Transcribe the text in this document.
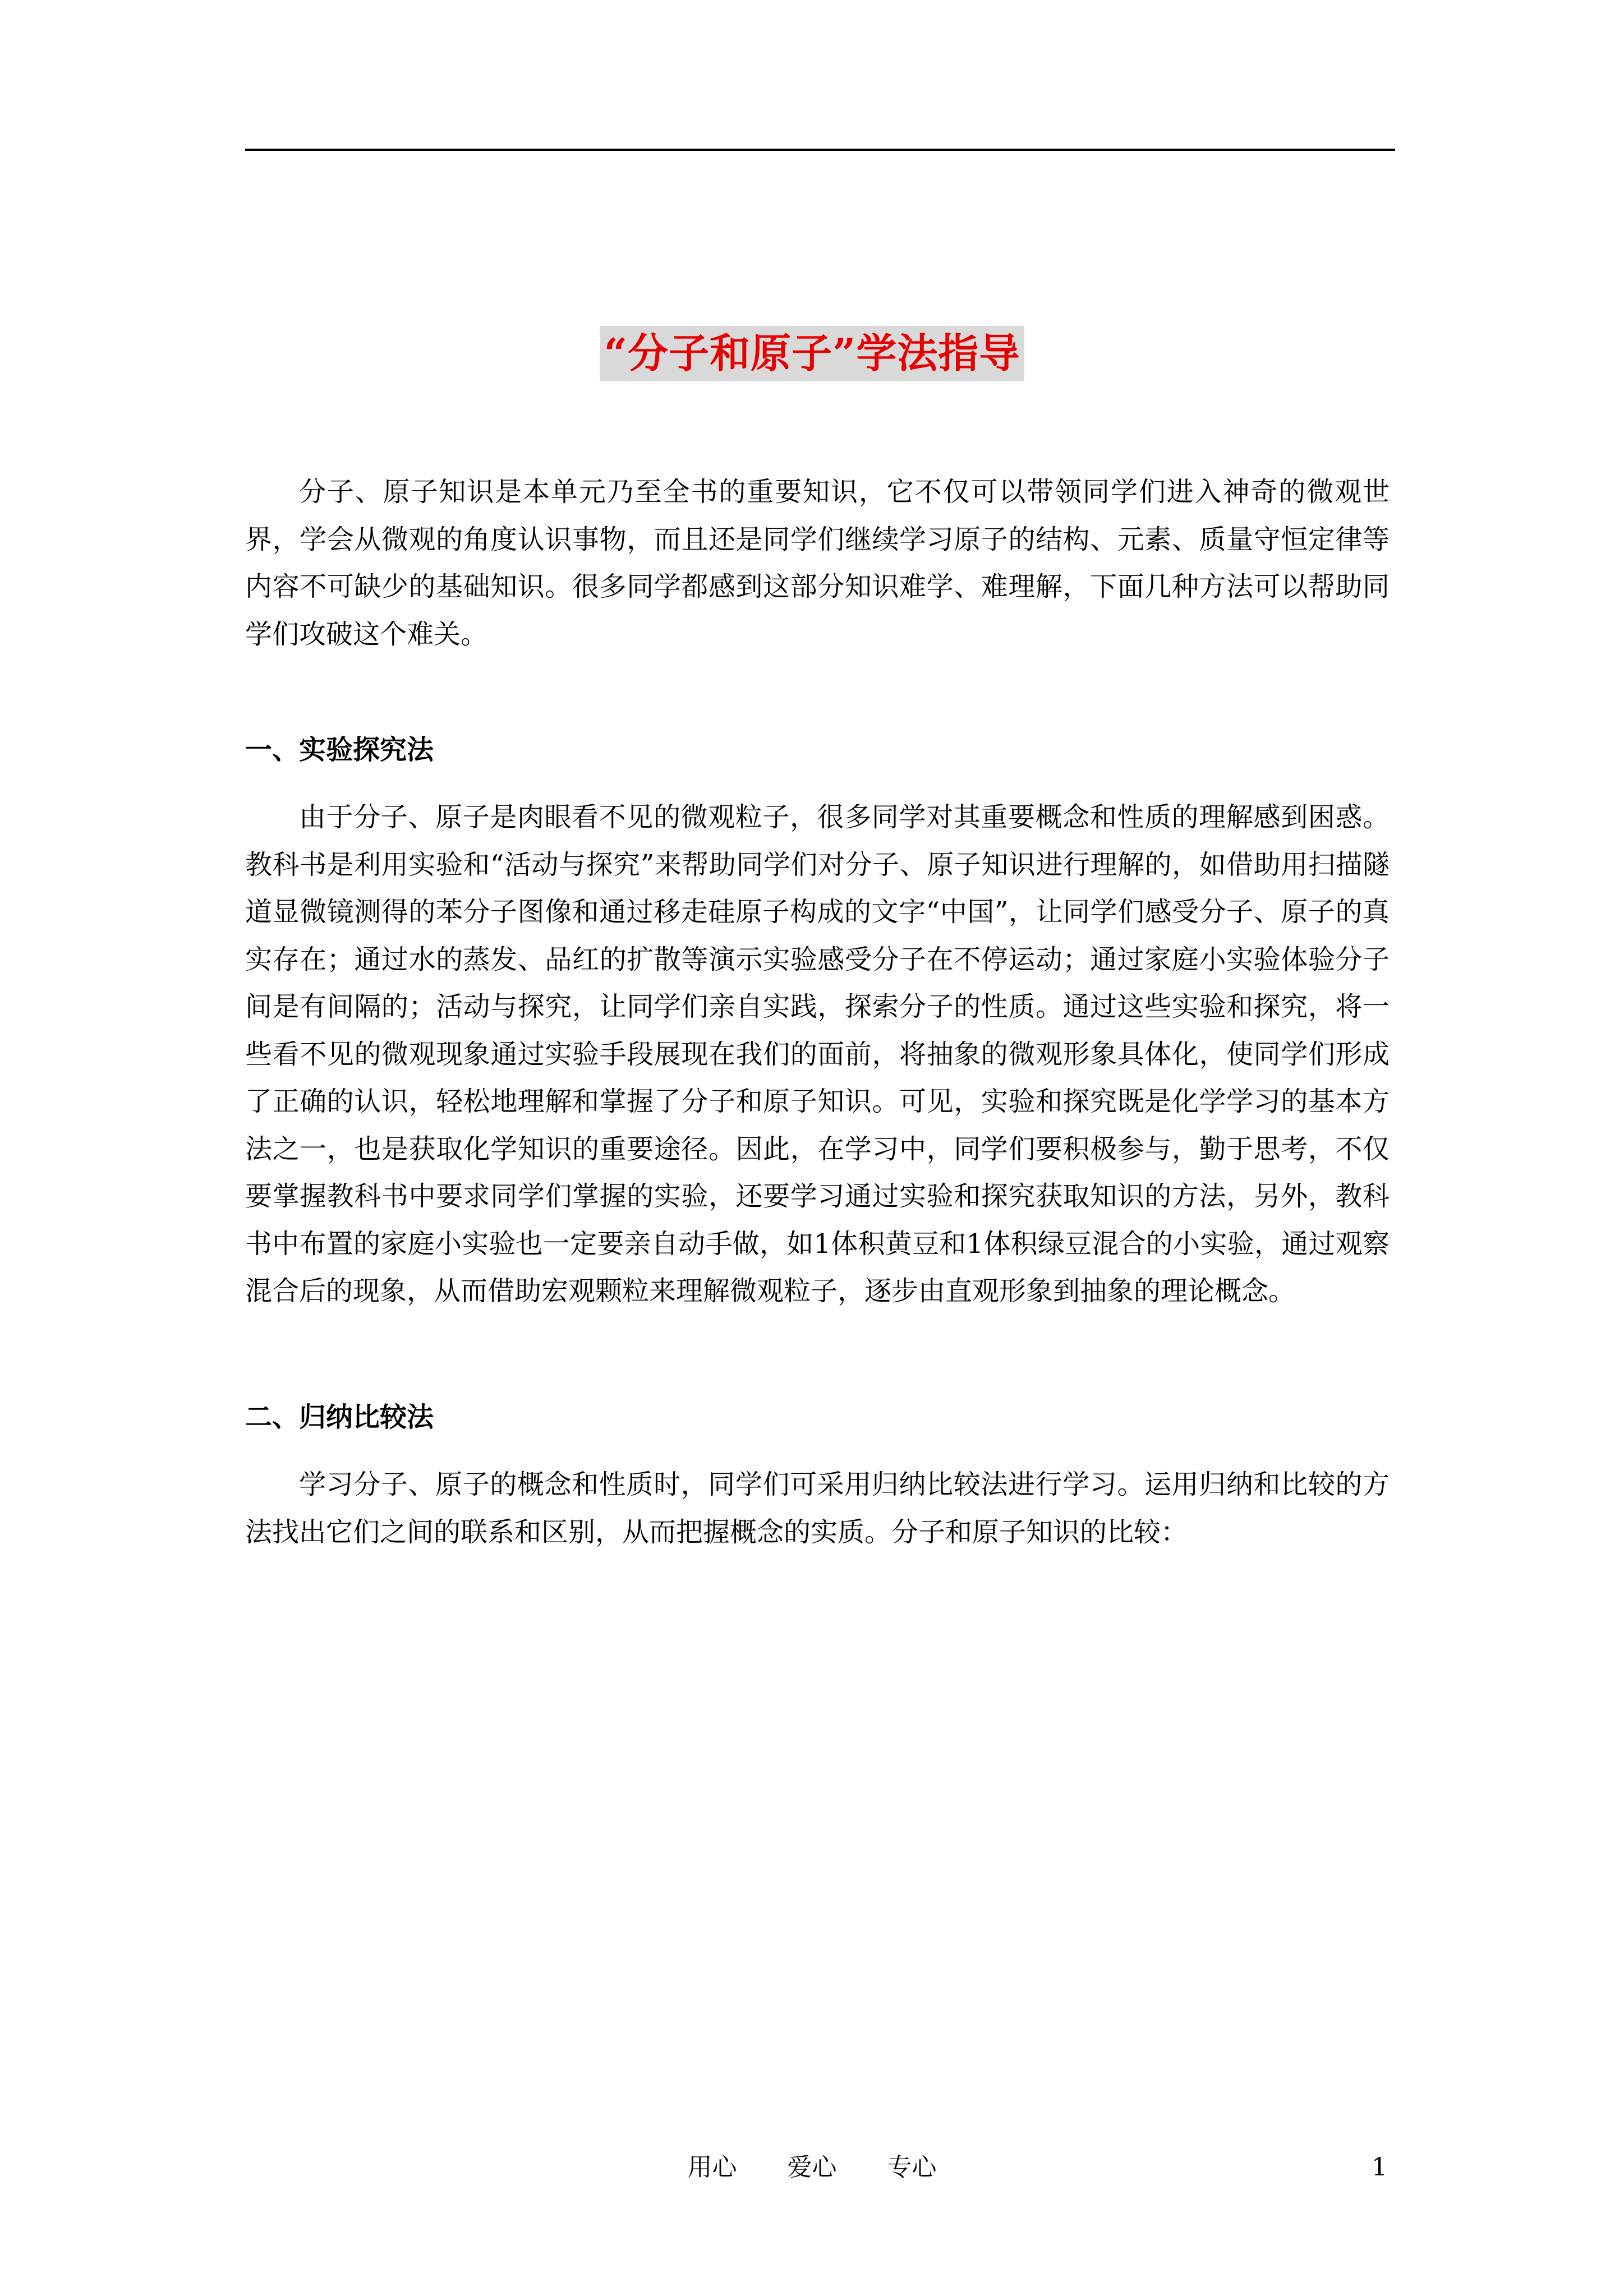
“分子和原子”学法指导

分子、原子知识是本单元乃至全书的重要知识，它不仅可以带领同学们进入神奇的微观世界，学会从微观的角度认识事物，而且还是同学们继续学习原子的结构、元素、质量守恒定律等内容不可缺少的基础知识。很多同学都感到这部分知识难学、难理解，下面几种方法可以帮助同学们攻破这个难关。

一、实验探究法

由于分子、原子是肉眼看不见的微观粒子，很多同学对其重要概念和性质的理解感到困惑。教科书是利用实验和“活动与探究”来帮助同学们对分子、原子知识进行理解的，如借助用扫描隧道显微镜测得的苯分子图像和通过移走硅原子构成的文字“中国”，让同学们感受分子、原子的真实存在；通过水的蒸发、品红的扩散等演示实验感受分子在不停运动；通过家庭小实验体验分子间是有间隔的；活动与探究，让同学们亲自实践，探索分子的性质。通过这些实验和探究，将一些看不见的微观现象通过实验手段展现在我们的面前，将抽象的微观形象具体化，使同学们形成了正确的认识，轻松地理解和掌握了分子和原子知识。可见，实验和探究既是化学学习的基本方法之一，也是获取化学知识的重要途径。因此，在学习中，同学们要积极参与，勤于思考，不仅要掌握教科书中要求同学们掌握的实验，还要学习通过实验和探究获取知识的方法，另外，教科书中布置的家庭小实验也一定要亲自动手做，如1体积黄豆和1体积绿豆混合的小实验，通过观察混合后的现象，从而借助宏观颗粒来理解微观粒子，逐步由直观形象到抽象的理论概念。

二、归纳比较法

学习分子、原子的概念和性质时，同学们可采用归纳比较法进行学习。运用归纳和比较的方法找出它们之间的联系和区别，从而把握概念的实质。分子和原子知识的比较：

用心 爱心 专心	1
